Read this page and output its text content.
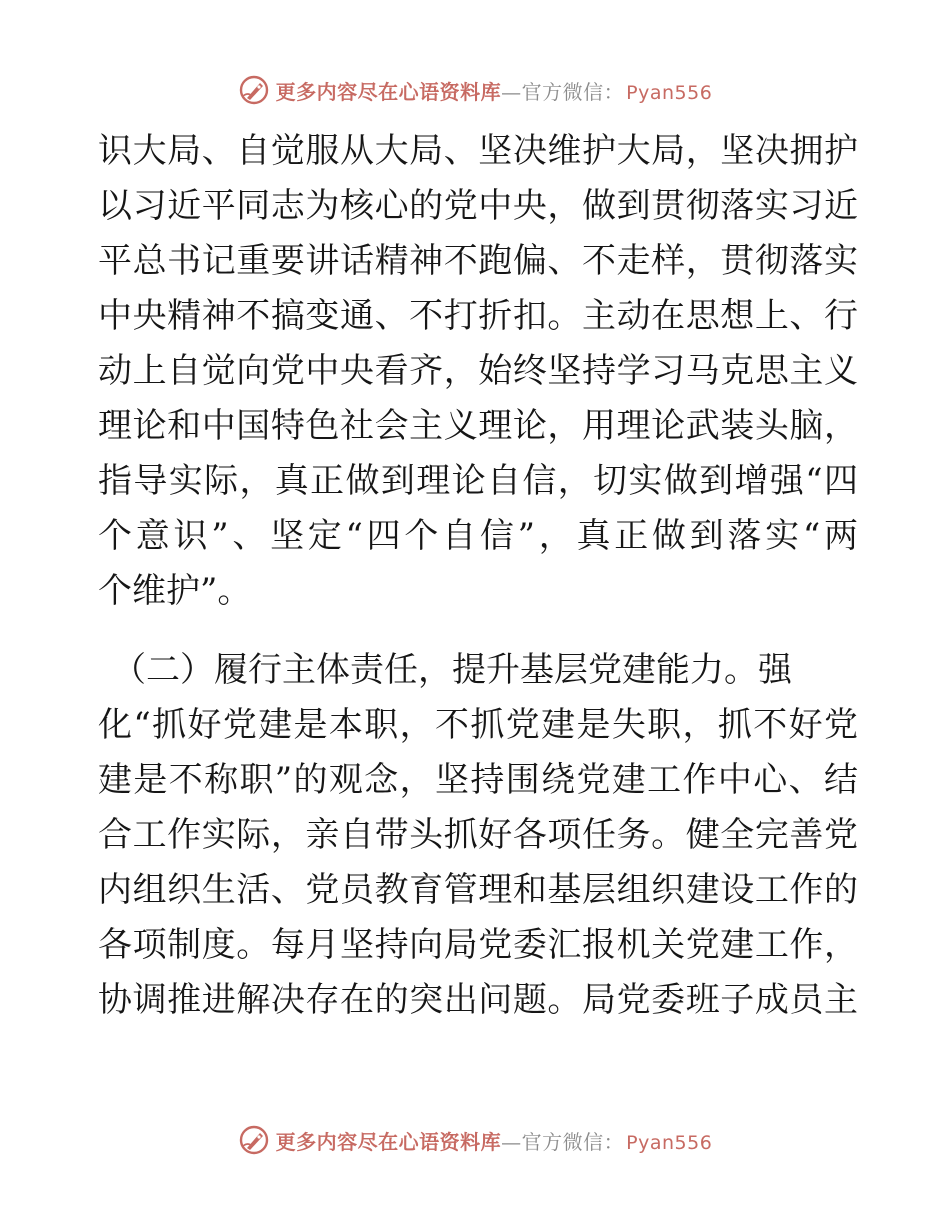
更多内容尽在心语资料库 — 官方微信： Pyan556
识大局、自觉服从大局、坚决维护大局，坚决拥护
以习近平同志为核心的党中央，做到贯彻落实习近
平总书记重要讲话精神不跑偏、不走样，贯彻落实
中央精神不搞变通、不打折扣。主动在思想上、行
动上自觉向党中央看齐，始终坚持学习马克思主义
理论和中国特色社会主义理论，用理论武装头脑，
指导实际，真正做到理论自信，切实做到增强“四
个意识”、坚定“四个自信”，真正做到落实“两
个维护”。
（二）履行主体责任，提升基层党建能力。强
化“抓好党建是本职，不抓党建是失职，抓不好党
建是不称职”的观念，坚持围绕党建工作中心、结
合工作实际，亲自带头抓好各项任务。健全完善党
内组织生活、党员教育管理和基层组织建设工作的
各项制度。每月坚持向局党委汇报机关党建工作，
协调推进解决存在的突出问题。局党委班子成员主
更多内容尽在心语资料库 — 官方微信： Pyan556
